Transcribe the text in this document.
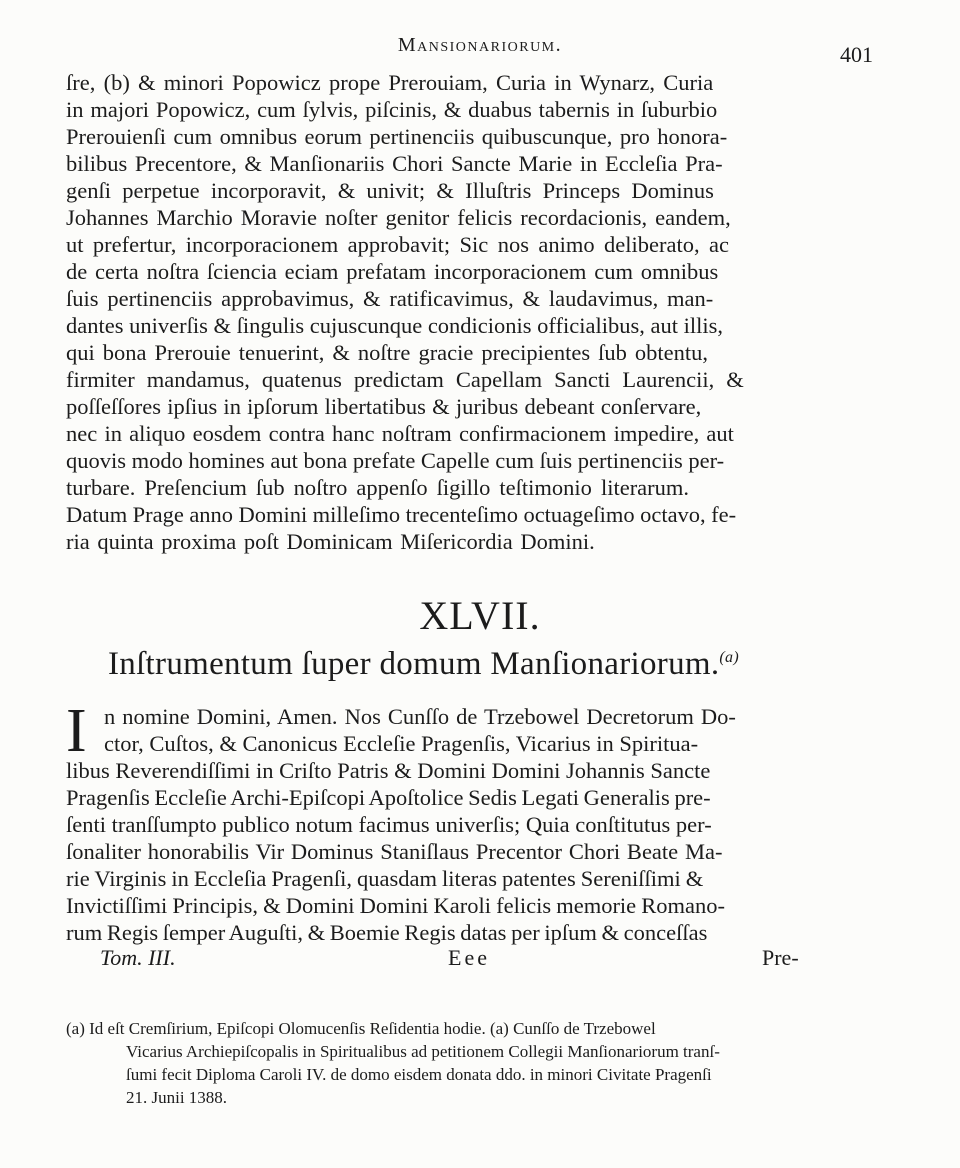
Mansionariorum.	401
ſre, (b) & minori Popowicz prope Prerouiam, Curia in Wynarz, Curia
in majori Popowicz, cum ſylvis, piſcinis, & duabus tabernis in ſuburbio
Prerouienſi cum omnibus eorum pertinenciis quibuscunque, pro honora-
bilibus Precentore, & Manſionariis Chori Sancte Marie in Eccleſia Pra-
genſi perpetue incorporavit, & univit; & Illuſtris Princeps Dominus
Johannes Marchio Moravie noſter genitor felicis recordacionis, eandem,
ut prefertur, incorporacionem approbavit; Sic nos animo deliberato, ac
de certa noſtra ſciencia eciam prefatam incorporacionem cum omnibus
ſuis pertinenciis approbavimus, & ratificavimus, & laudavimus, man-
dantes univerſis & ſingulis cujuscunque condicionis officialibus, aut illis,
qui bona Prerouie tenuerint, & noſtre gracie precipientes ſub obtentu,
firmiter mandamus, quatenus predictam Capellam Sancti Laurencii, &
poſſeſſores ipſius in ipſorum libertatibus & juribus debeant conſervare,
nec in aliquo eosdem contra hanc noſtram confirmacionem impedire, aut
quovis modo homines aut bona prefate Capelle cum ſuis pertinenciis per-
turbare. Preſencium ſub noſtro appenſo ſigillo teſtimonio literarum.
Datum Prage anno Domini milleſimo trecenteſimo octuageſimo octavo, fe-
ria quinta proxima poſt Dominicam Miſericordia Domini.
XLVII.
Inſtrumentum ſuper domum Manſionariorum.$^{(a)}$
I n nomine Domini, Amen. Nos Cunſſo de Trzebowel Decretorum Do-
ctor, Cuſtos, & Canonicus Eccleſie Pragenſis, Vicarius in Spiritua-
libus Reverendiſſimi in Criſto Patris & Domini Domini Johannis Sancte
Pragenſis Eccleſie Archi-Epiſcopi Apoſtolice Sedis Legati Generalis pre-
ſenti tranſſumpto publico notum facimus univerſis; Quia conſtitutus per-
ſonaliter honorabilis Vir Dominus Staniſlaus Precentor Chori Beate Ma-
rie Virginis in Eccleſia Pragenſi, quasdam literas patentes Sereniſſimi &
Invictiſſimi Principis, & Domini Domini Karoli felicis memorie Romano-
rum Regis ſemper Auguſti, & Boemie Regis datas per ipſum & conceſſas
Tom. III.	Eee	Pre-
(a) Id eſt Cremſirium, Epiſcopi Olomucenſis Reſidentia hodie. (a) Cunſſo de Trzebowel
Vicarius Archiepiſcopalis in Spiritualibus ad petitionem Collegii Manſionariorum tranſ-
ſumi fecit Diploma Caroli IV. de domo eisdem donata ddo. in minori Civitate Pragenſi
21. Junii 1388.
